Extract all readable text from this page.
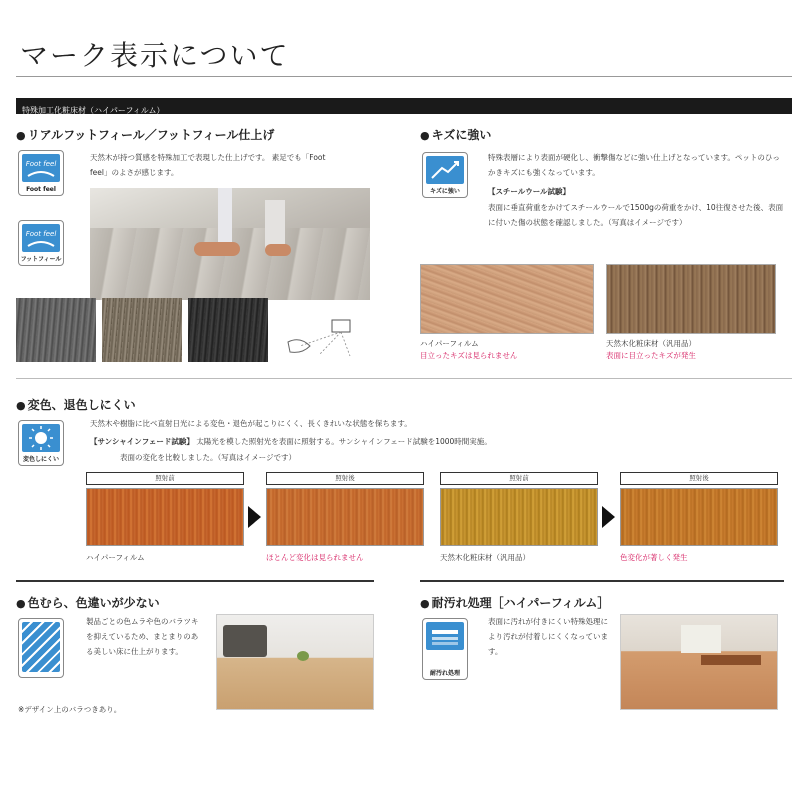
マーク表示について
特殊加工化粧床材（ハイパーフィルム）
● リアルフットフィール／フットフィール仕上げ
Foot feel
Foot feel
Foot feel
フットフィール
天然木が持つ質感を特殊加工で表現した仕上げです。 素足でも「Foot feel」のよさが感じます。
● キズに強い
キズに強い
特殊表層により表面が硬化し、衝撃傷などに強い仕上げとなっています。ペットのひっかきキズにも強くなっています。
【スチールウール試験】
表面に垂直荷重をかけてスチールウールで1500gの荷重をかけ、10往復させた後、表面に付いた傷の状態を確認しました。（写真はイメージです）
ハイパーフィルム
目立ったキズは見られません
天然木化粧床材（汎用品）
表面に目立ったキズが発生
● 変色、退色しにくい
変色しにくい
天然木や樹脂に比べ直射日光による変色・退色が起こりにくく、長くきれいな状態を保ちます。
【サンシャインフェード試験】 太陽光を模した照射光を表面に照射する。サンシャインフェード試験を1000時間実施。
表面の変化を比較しました。（写真はイメージです）
照射前
ハイパーフィルム
照射後
ほとんど変化は見られません
照射前
天然木化粧床材（汎用品）
照射後
色変化が著しく発生
● 色むら、色違いが少ない
製品ごとの色ムラや色のバラツキを抑えているため、まとまりのある美しい床に仕上がります。
※デザイン上のバラつきあり。
● 耐汚れ処理［ハイパーフィルム］
耐汚れ処理
表面に汚れが付きにくい特殊処理により汚れが付着しにくくなっています。
